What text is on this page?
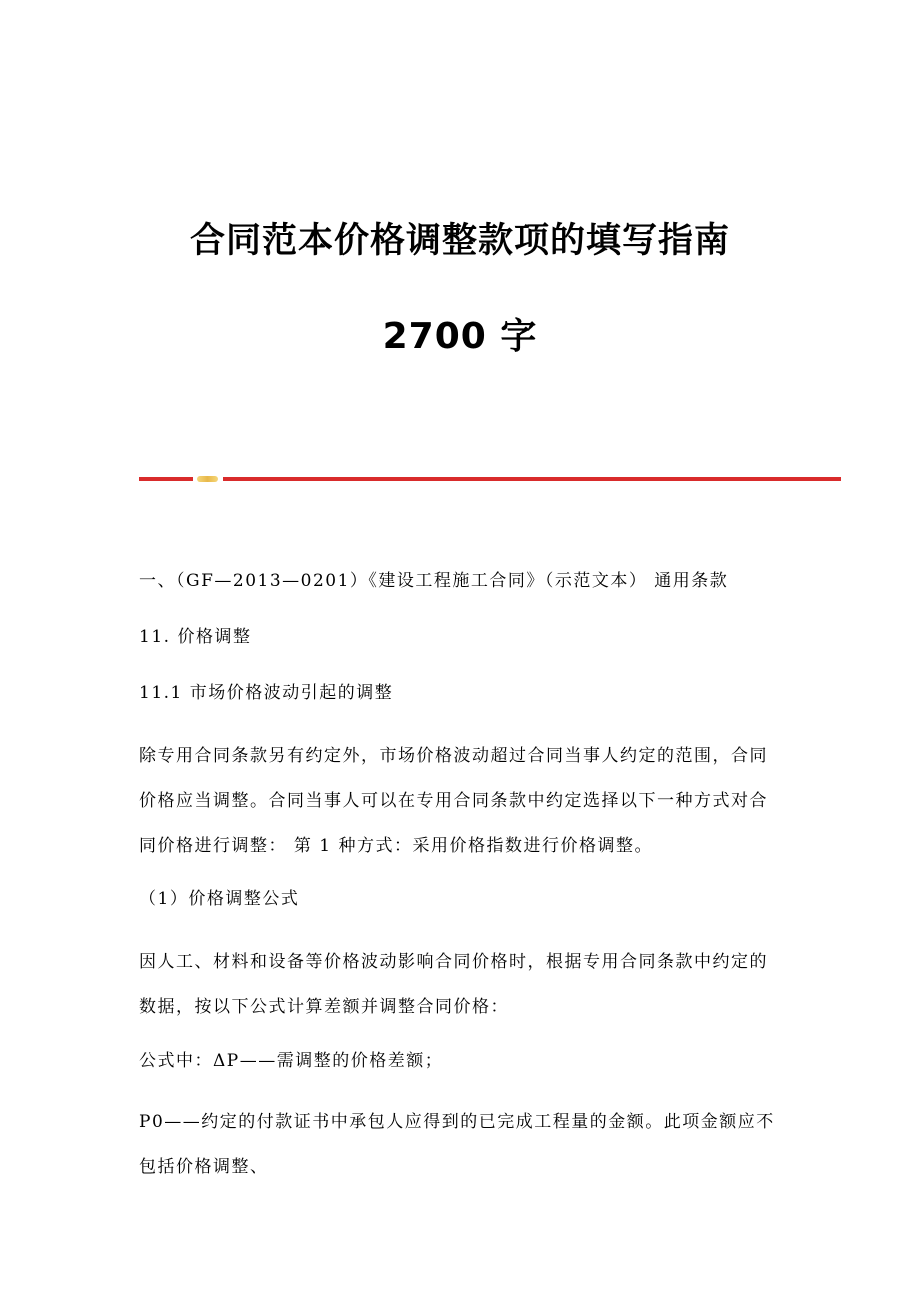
合同范本价格调整款项的填写指南
2700 字
一、（GF—2013—0201）《建设工程施工合同》（示范文本） 通用条款
11. 价格调整
11.1 市场价格波动引起的调整
除专用合同条款另有约定外，市场价格波动超过合同当事人约定的范围，合同价格应当调整。合同当事人可以在专用合同条款中约定选择以下一种方式对合同价格进行调整： 第 1 种方式：采用价格指数进行价格调整。
（1）价格调整公式
因人工、材料和设备等价格波动影响合同价格时，根据专用合同条款中约定的数据，按以下公式计算差额并调整合同价格：
公式中：ΔP——需调整的价格差额；
P0——约定的付款证书中承包人应得到的已完成工程量的金额。此项金额应不包括价格调整、
